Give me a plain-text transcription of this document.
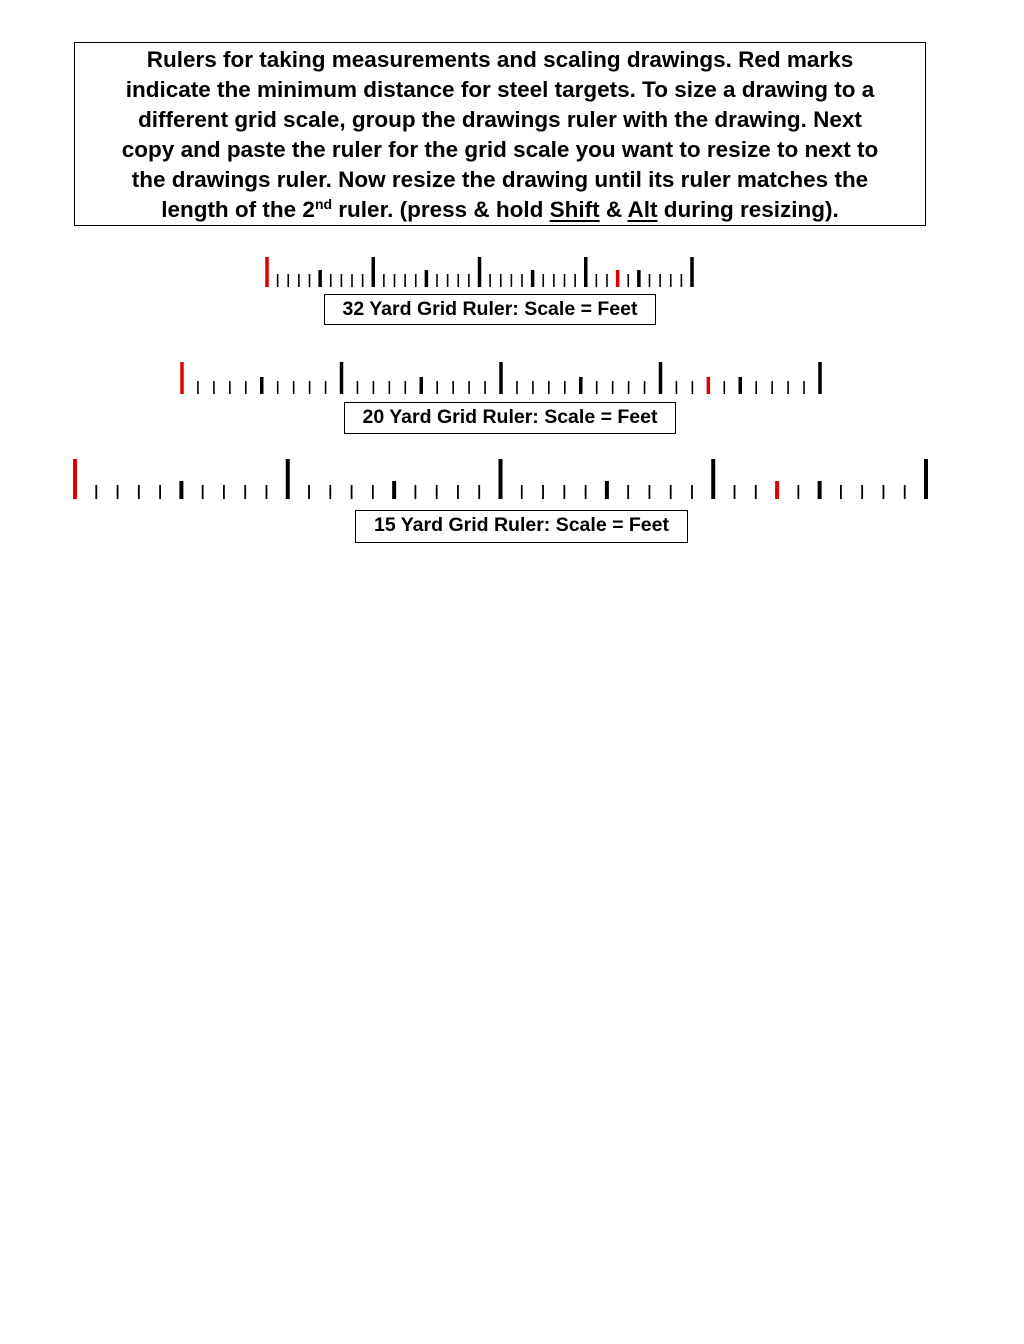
Rulers for taking measurements and scaling drawings. Red marks
indicate the minimum distance for steel targets. To size a drawing to a
different grid scale, group the drawings ruler with the drawing. Next
copy and paste the ruler for the grid scale you want to resize to next to
the drawings ruler. Now resize the drawing until its ruler matches the
length of the 2nd ruler. (press & hold Shift & Alt during resizing).
32 Yard Grid Ruler: Scale = Feet
20 Yard Grid Ruler: Scale = Feet
15 Yard Grid Ruler: Scale = Feet
